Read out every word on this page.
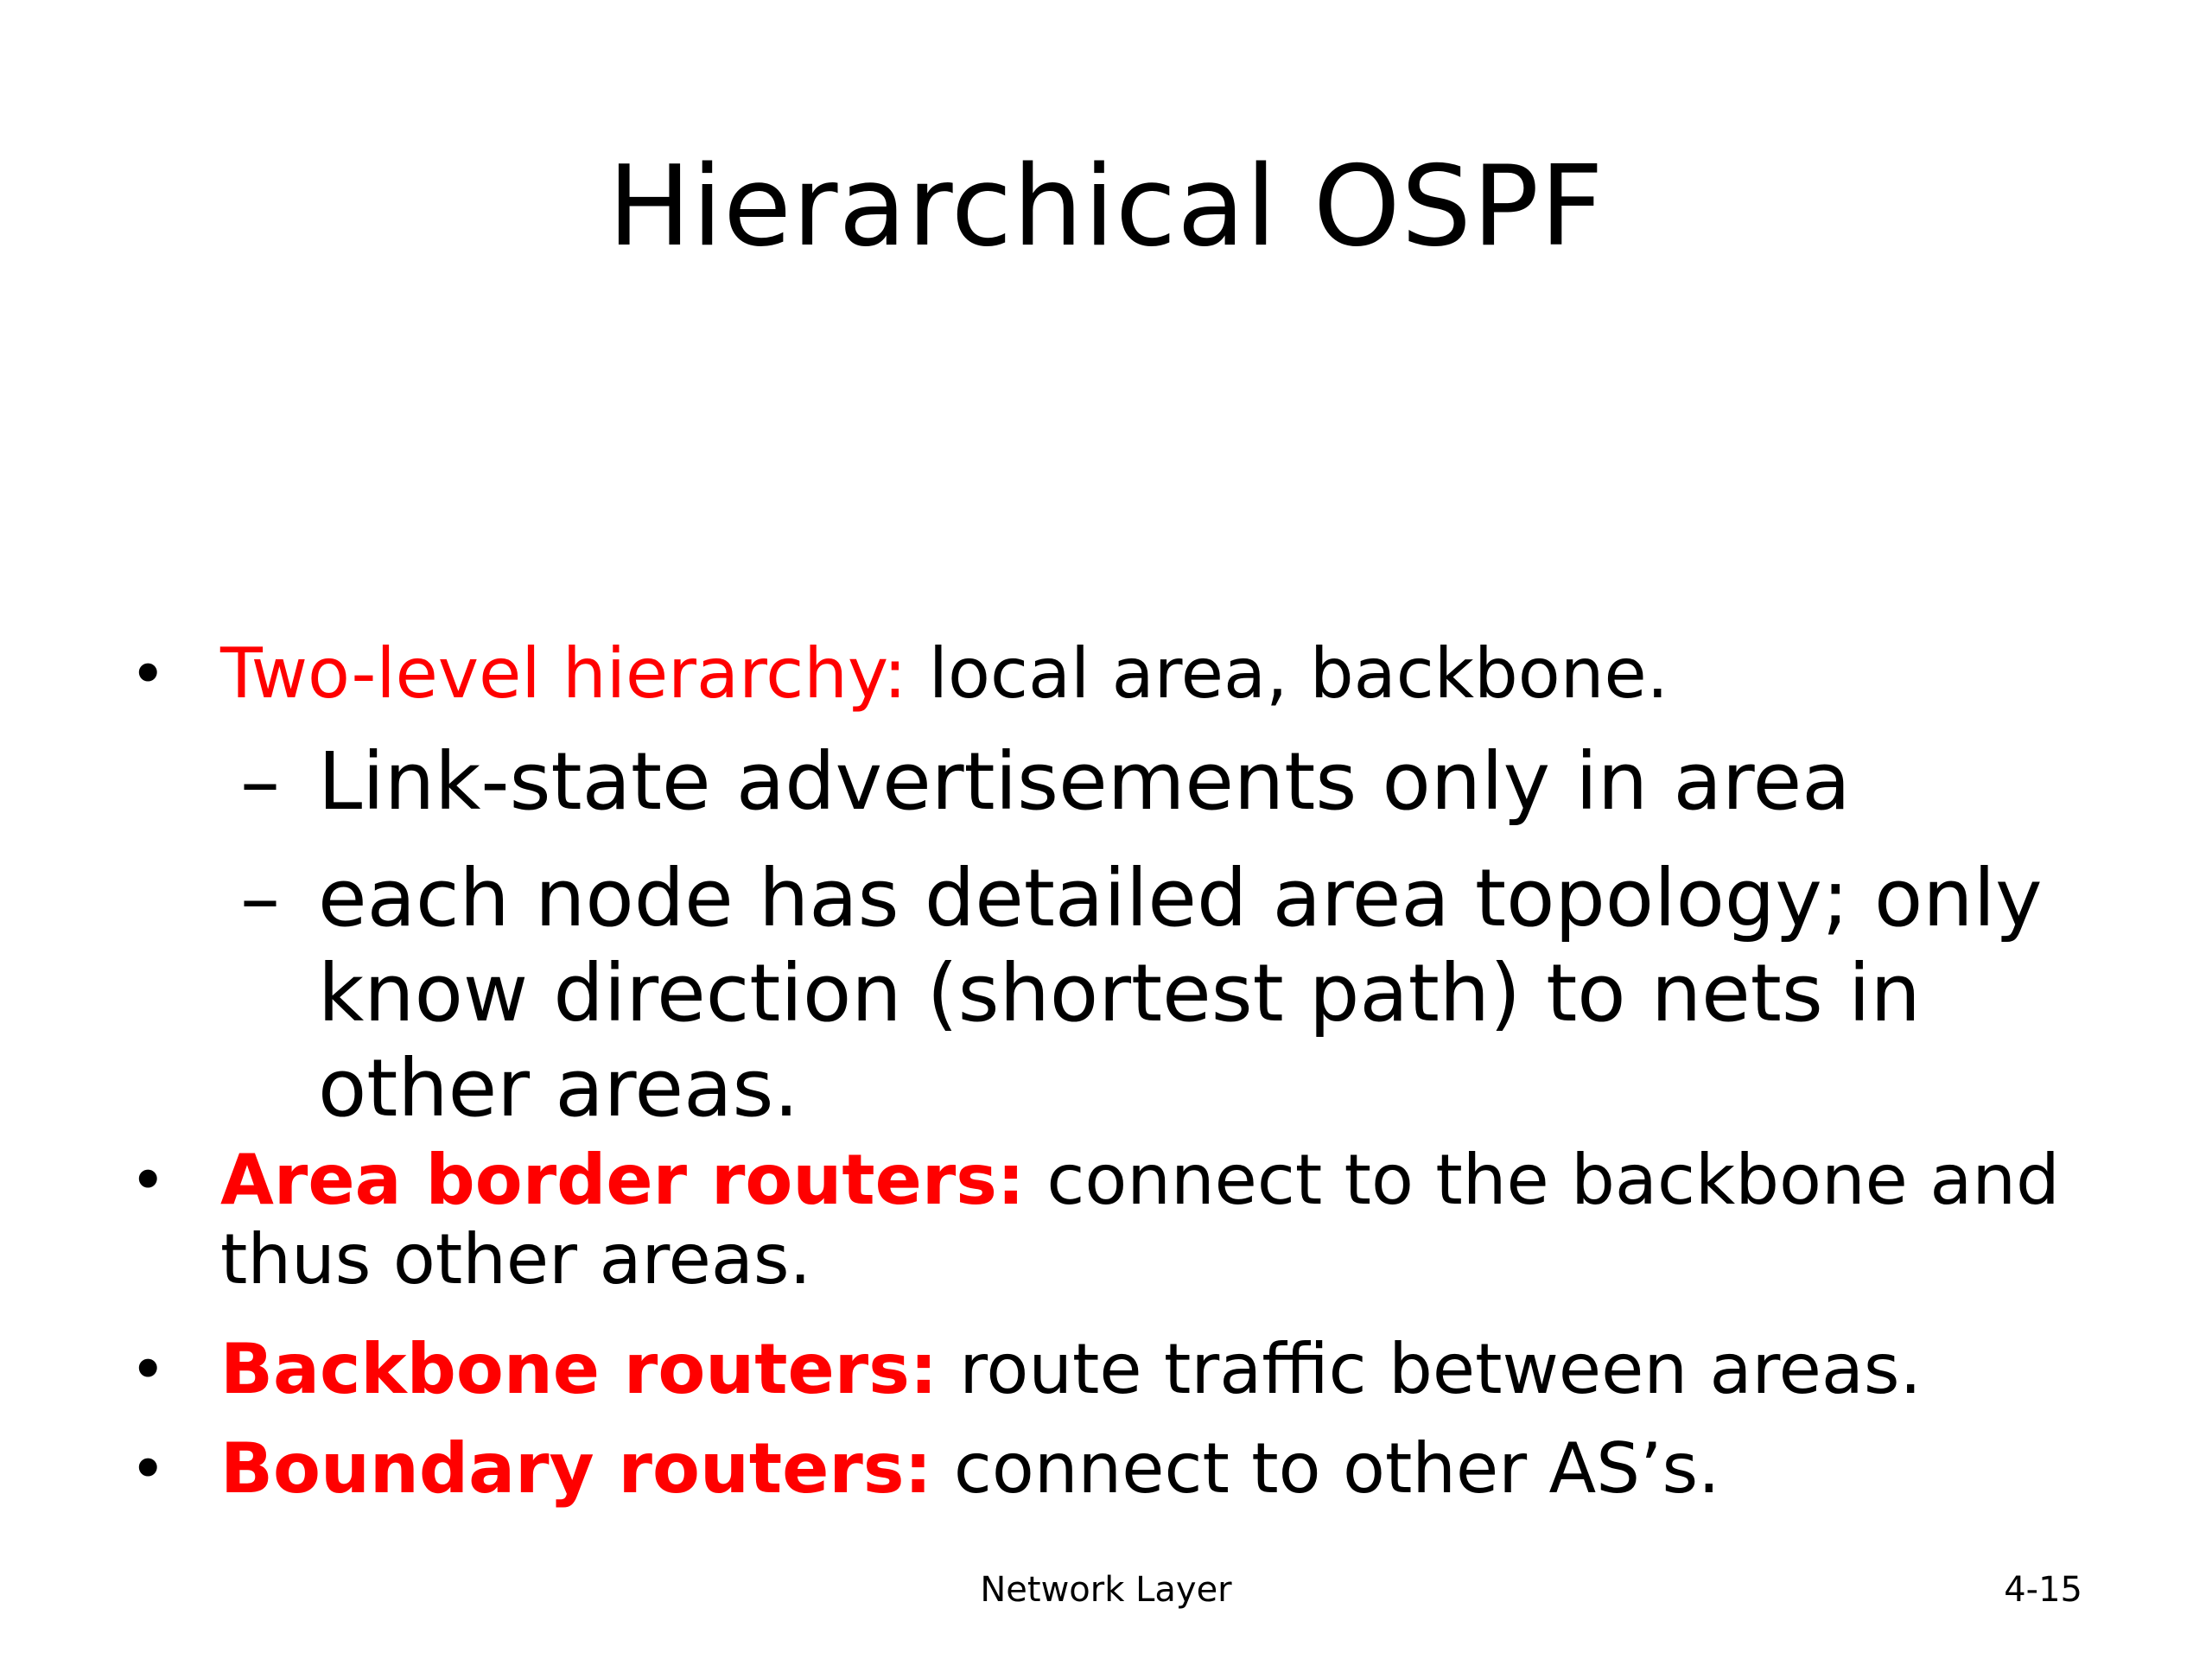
Hierarchical OSPF
• Two-level hierarchy: local area, backbone.
– Link-state advertisements only in area
– each node has detailed area topology; only know direction (shortest path) to nets in other areas.
• Area border routers: connect to the backbone and thus other areas.
• Backbone routers: route traffic between areas.
• Boundary routers: connect to other AS’s.
Network Layer	4-15
